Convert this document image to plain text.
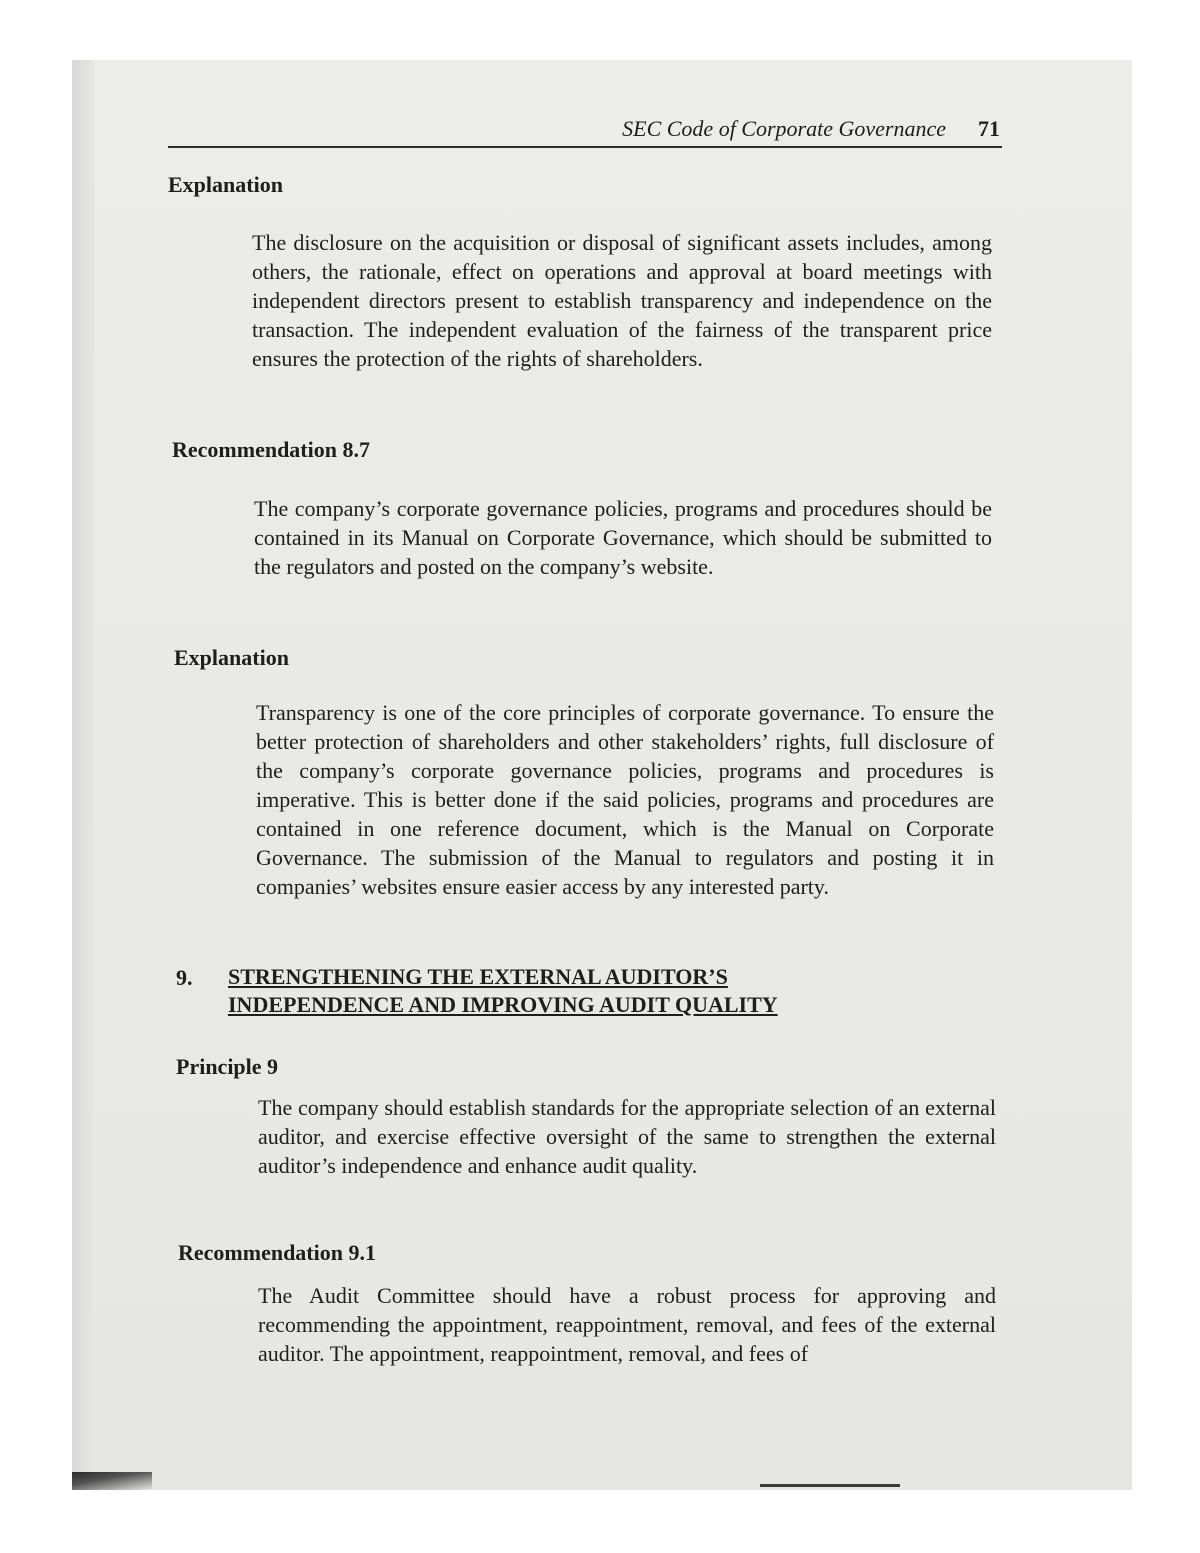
SEC Code of Corporate Governance 71
Explanation

The disclosure on the acquisition or disposal of significant assets includes, among others, the rationale, effect on operations and approval at board meetings with independent directors present to establish transparency and independence on the transaction. The independent evaluation of the fairness of the transparent price ensures the protection of the rights of shareholders.

Recommendation 8.7

The company’s corporate governance policies, programs and procedures should be contained in its Manual on Corporate Governance, which should be submitted to the regulators and posted on the company’s website.

Explanation

Transparency is one of the core principles of corporate governance. To ensure the better protection of shareholders and other stakeholders’ rights, full disclosure of the company’s corporate governance policies, programs and procedures is imperative. This is better done if the said policies, programs and procedures are contained in one reference document, which is the Manual on Corporate Governance. The submission of the Manual to regulators and posting it in companies’ websites ensure easier access by any interested party.

9. STRENGTHENING THE EXTERNAL AUDITOR’S
INDEPENDENCE AND IMPROVING AUDIT QUALITY

Principle 9

The company should establish standards for the appropriate selection of an external auditor, and exercise effective oversight of the same to strengthen the external auditor’s independence and enhance audit quality.

Recommendation 9.1

The Audit Committee should have a robust process for approving and recommending the appointment, reappointment, removal, and fees of the external auditor. The appointment, reappointment, removal, and fees of
